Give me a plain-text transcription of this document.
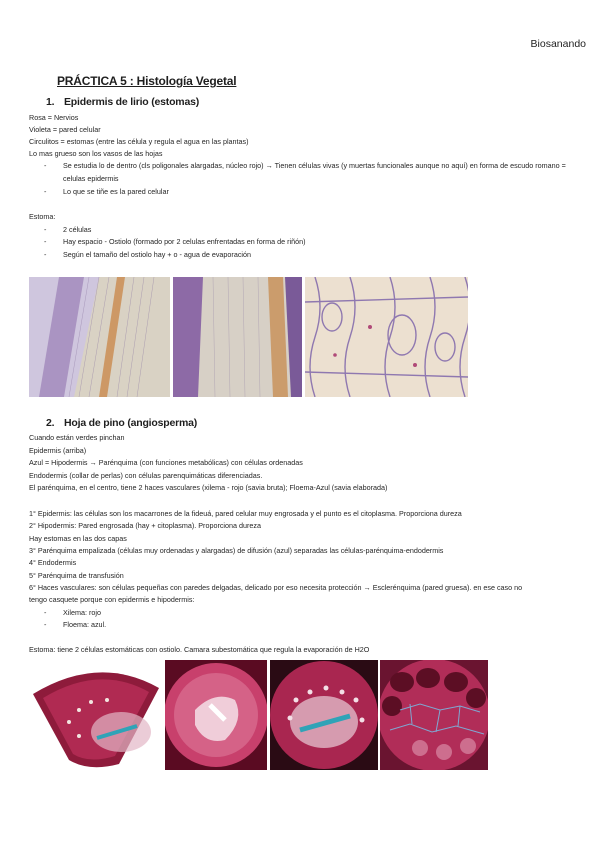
Biosanando
PRÁCTICA 5 : Histología Vegetal
1. Epidermis de lirio (estomas)
Rosa = Nervios
Violeta = pared celular
Circulitos = estomas (entre las célula y regula el agua en las plantas)
Lo mas grueso son los vasos de las hojas
- Se estudia lo de dentro (cls poligonales alargadas, núcleo rojo) → Tienen células vivas (y muertas funcionales aunque no aquí) en forma de escudo romano = celulas epidermis
- Lo que se tiñe es la pared celular
Estoma:
- 2 células
- Hay espacio - Ostiolo (formado por 2 celulas enfrentadas en forma de riñón)
- Según el tamaño del ostiolo hay + o - agua de evaporación
2. Hoja de pino (angiosperma)
Cuando están verdes pinchan
Epidermis (arriba)
Azul = Hipodermis → Parénquima (con funciones metabólicas) con células ordenadas
Endodermis (collar de perlas) con células parenquimáticas diferenciadas.
El parénquima, en el centro, tiene 2 haces vasculares (xilema - rojo (savia bruta); Floema-Azul (savia elaborada)
1° Epidermis: las células son los macarrones de la fideuá, pared celular muy engrosada y el punto es el citoplasma. Proporciona dureza
2° Hipodermis: Pared engrosada (hay + citoplasma). Proporciona dureza
Hay estomas en las dos capas
3° Parénquima empalizada (células muy ordenadas y alargadas) de difusión (azul) separadas las células-parénquima-endodermis
4° Endodermis
5° Parénquima de transfusión
6° Haces vasculares: son células pequeñas con paredes delgadas, delicado por eso necesita protección → Esclerénquima (pared gruesa). en ese caso no
tengo casquete porque con epidermis e hipodermis:
- Xilema: rojo
- Floema: azul.
Estoma: tiene 2 células estomáticas con ostiolo. Camara subestomática que regula la evaporación de H2O
